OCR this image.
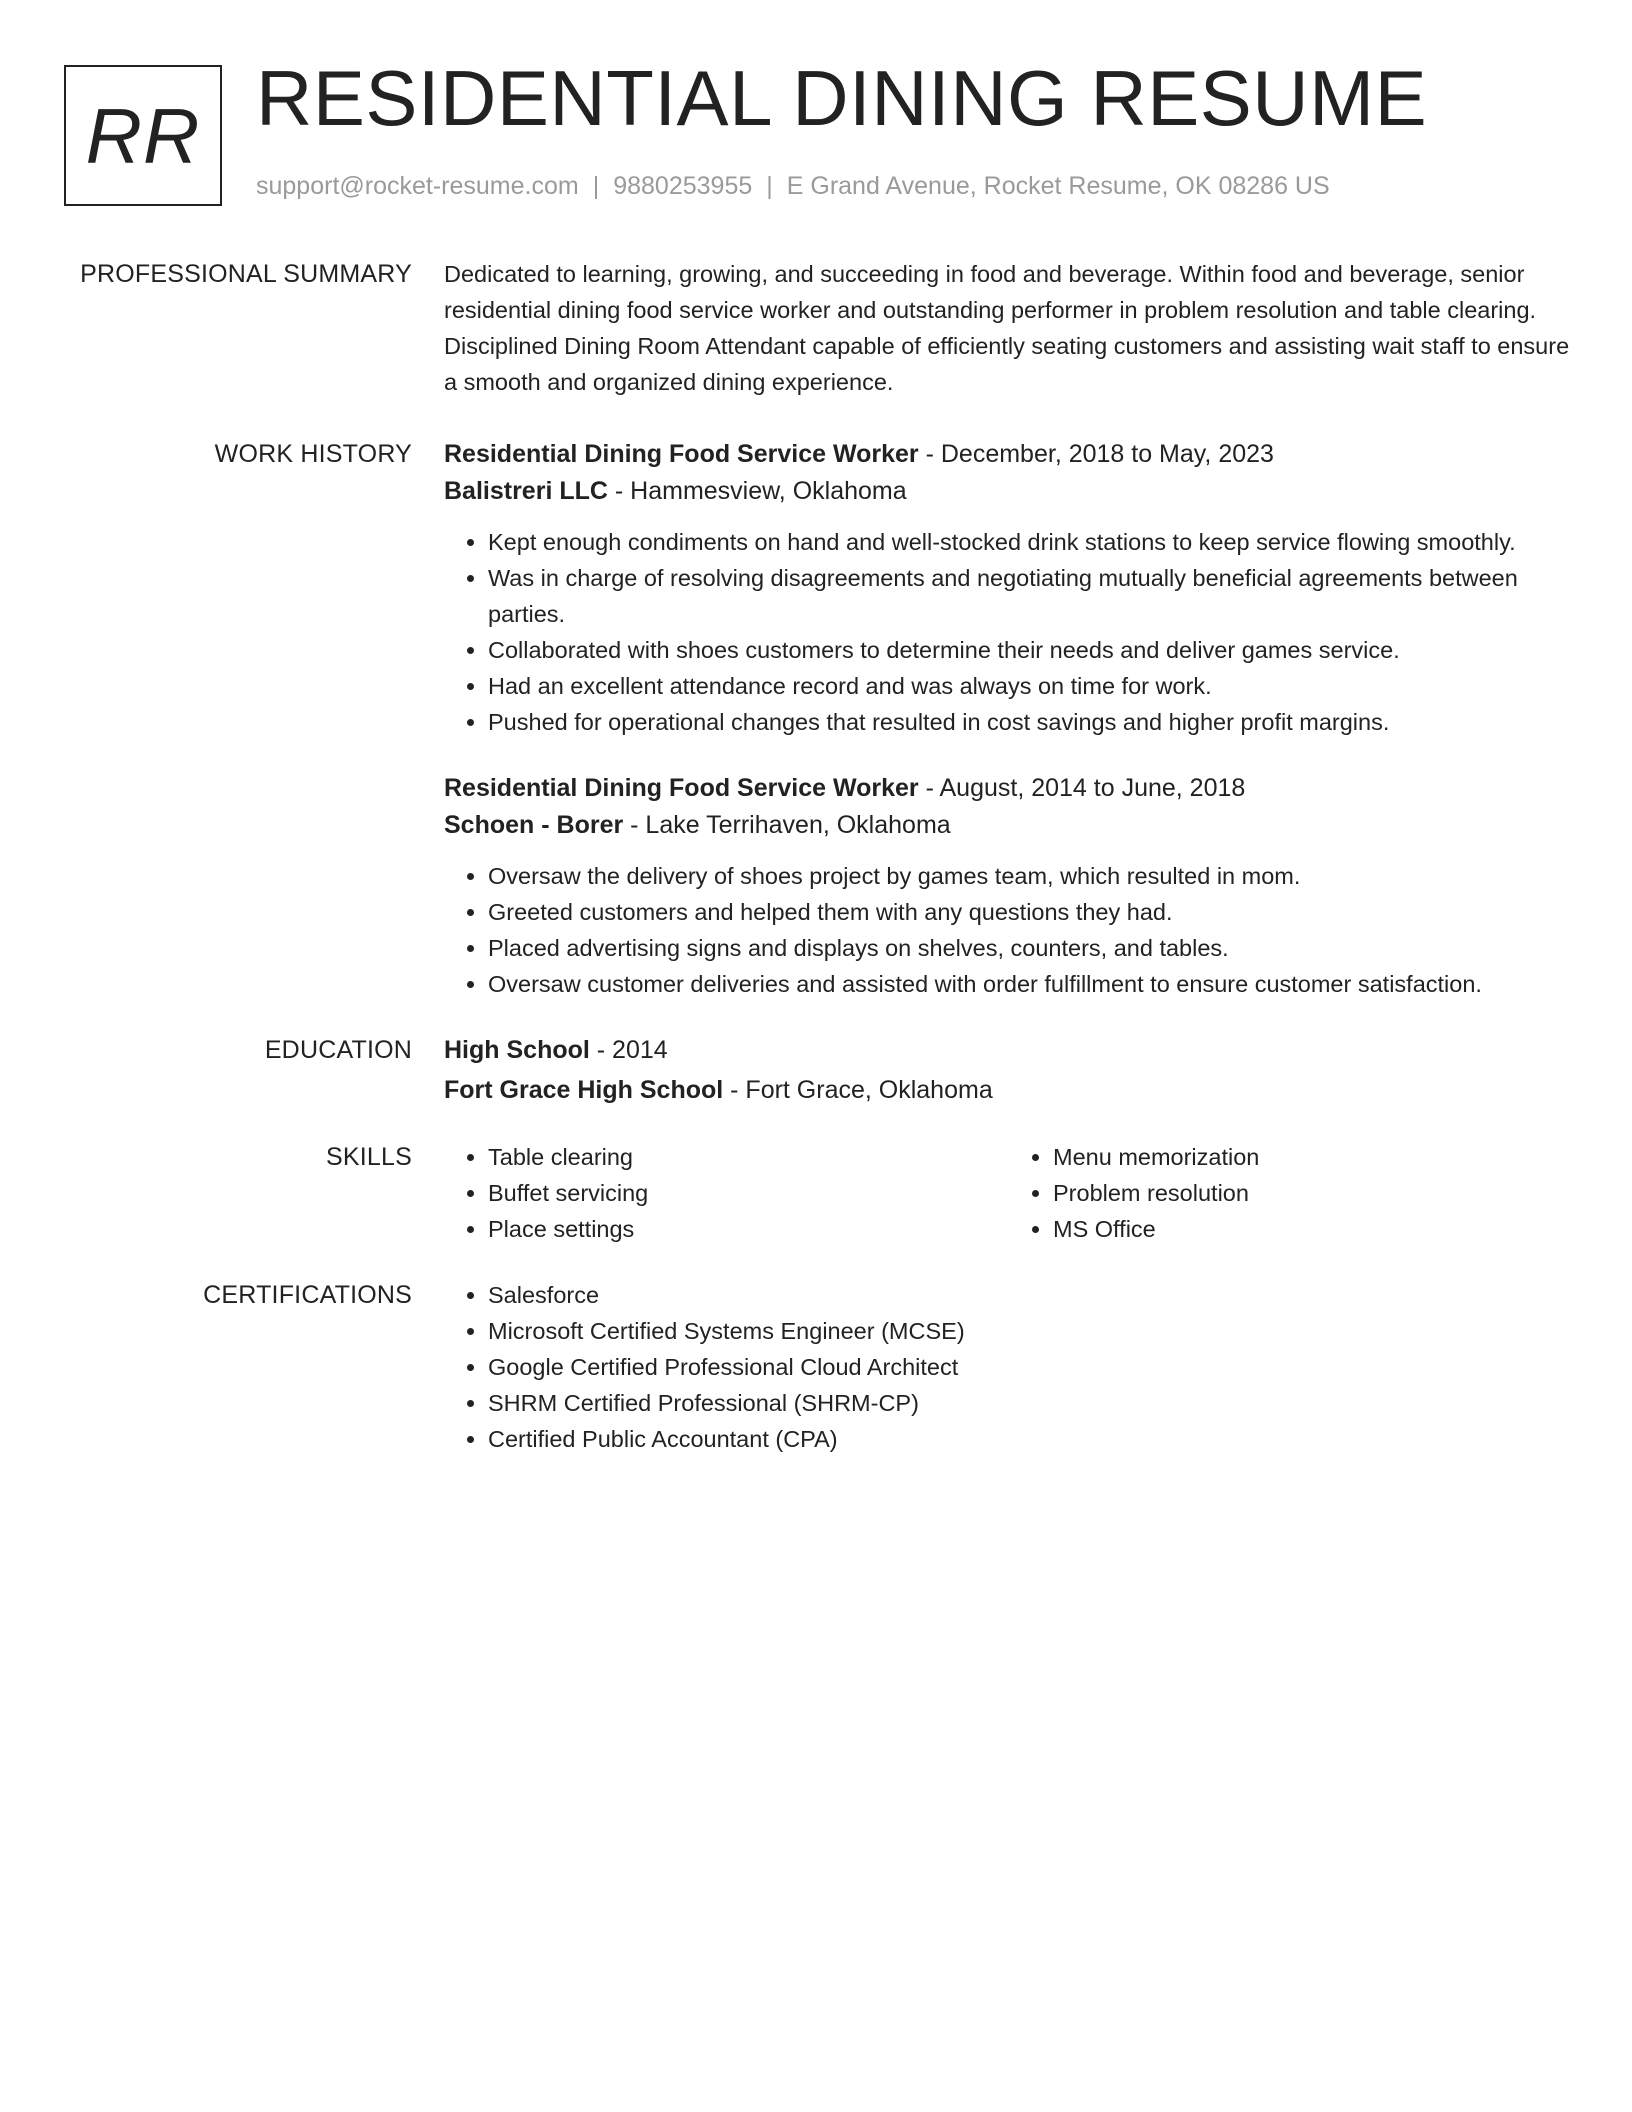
RR RESIDENTIAL DINING RESUME
support@rocket-resume.com | 9880253955 | E Grand Avenue, Rocket Resume, OK 08286 US
PROFESSIONAL SUMMARY Dedicated to learning, growing, and succeeding in food and beverage. Within food and beverage, senior residential dining food service worker and outstanding performer in problem resolution and table clearing. Disciplined Dining Room Attendant capable of efficiently seating customers and assisting wait staff to ensure a smooth and organized dining experience.

WORK HISTORY Residential Dining Food Service Worker - December, 2018 to May, 2023
Balistreri LLC - Hammesview, Oklahoma
• Kept enough condiments on hand and well-stocked drink stations to keep service flowing smoothly.
• Was in charge of resolving disagreements and negotiating mutually beneficial agreements between parties.
• Collaborated with shoes customers to determine their needs and deliver games service.
• Had an excellent attendance record and was always on time for work.
• Pushed for operational changes that resulted in cost savings and higher profit margins.
Residential Dining Food Service Worker - August, 2014 to June, 2018
Schoen - Borer - Lake Terrihaven, Oklahoma
• Oversaw the delivery of shoes project by games team, which resulted in mom.
• Greeted customers and helped them with any questions they had.
• Placed advertising signs and displays on shelves, counters, and tables.
• Oversaw customer deliveries and assisted with order fulfillment to ensure customer satisfaction.
EDUCATION High School - 2014
Fort Grace High School - Fort Grace, Oklahoma
SKILLS	• Table clearing
• Buffet servicing
• Place settings
• Menu memorization
• Problem resolution
• MS Office
CERTIFICATIONS	• Salesforce
• Microsoft Certified Systems Engineer (MCSE)
• Google Certified Professional Cloud Architect
• SHRM Certified Professional (SHRM-CP)
• Certified Public Accountant (CPA)
